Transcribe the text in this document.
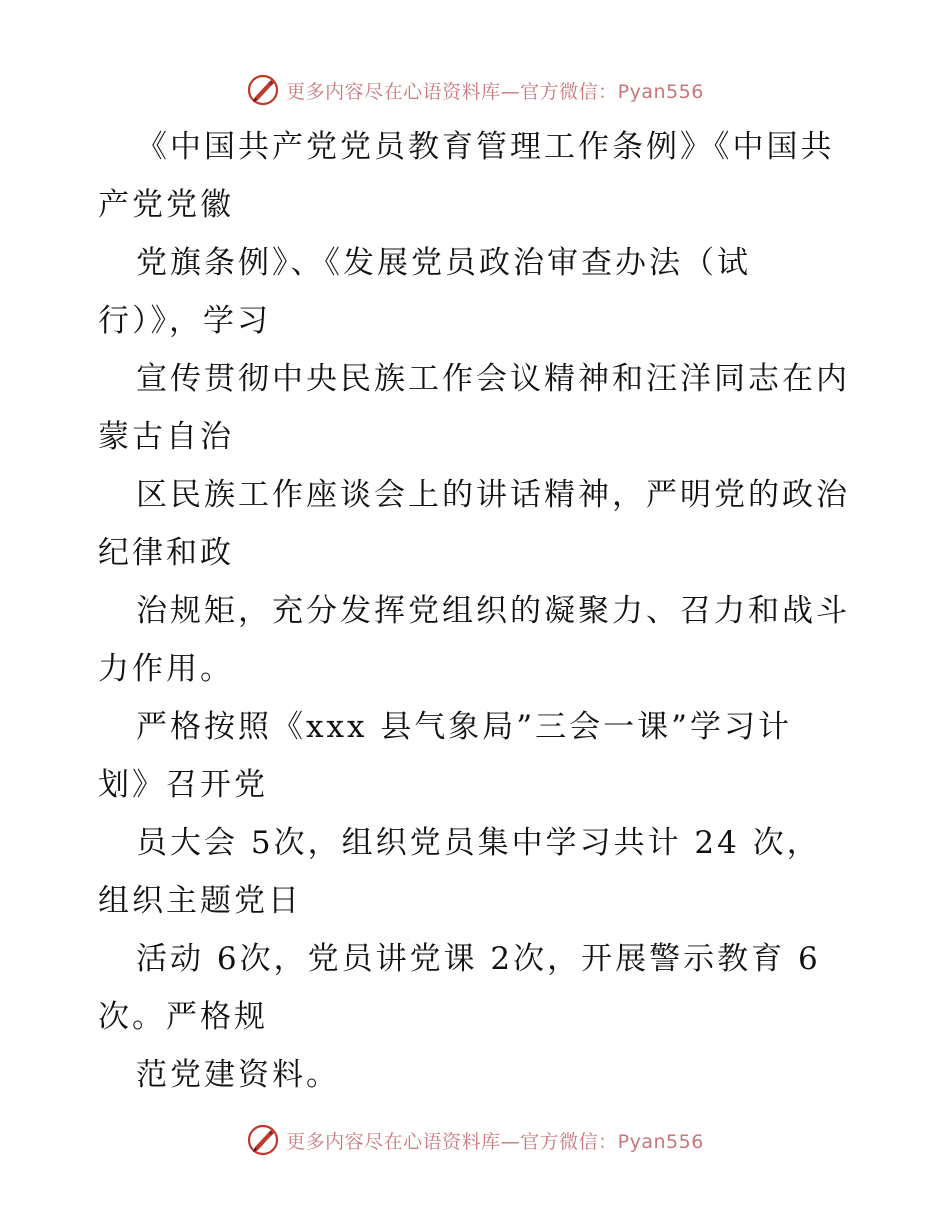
更多内容尽在心语资料库—官方微信：Pyan556
《中国共产党党员教育管理工作条例》《中国共
产党党徽
党旗条例》、《发展党员政治审查办法（试
行）》，学习
宣传贯彻中央民族工作会议精神和汪洋同志在内
蒙古自治
区民族工作座谈会上的讲话精神，严明党的政治
纪律和政
治规矩，充分发挥党组织的凝聚力、召力和战斗
力作用。
严格按照《xxx 县气象局”三会一课”学习计
划》召开党
员大会 5次，组织党员集中学习共计 24 次，
组织主题党日
活动 6次，党员讲党课 2次，开展警示教育 6
次。严格规
范党建资料。
更多内容尽在心语资料库—官方微信：Pyan556
